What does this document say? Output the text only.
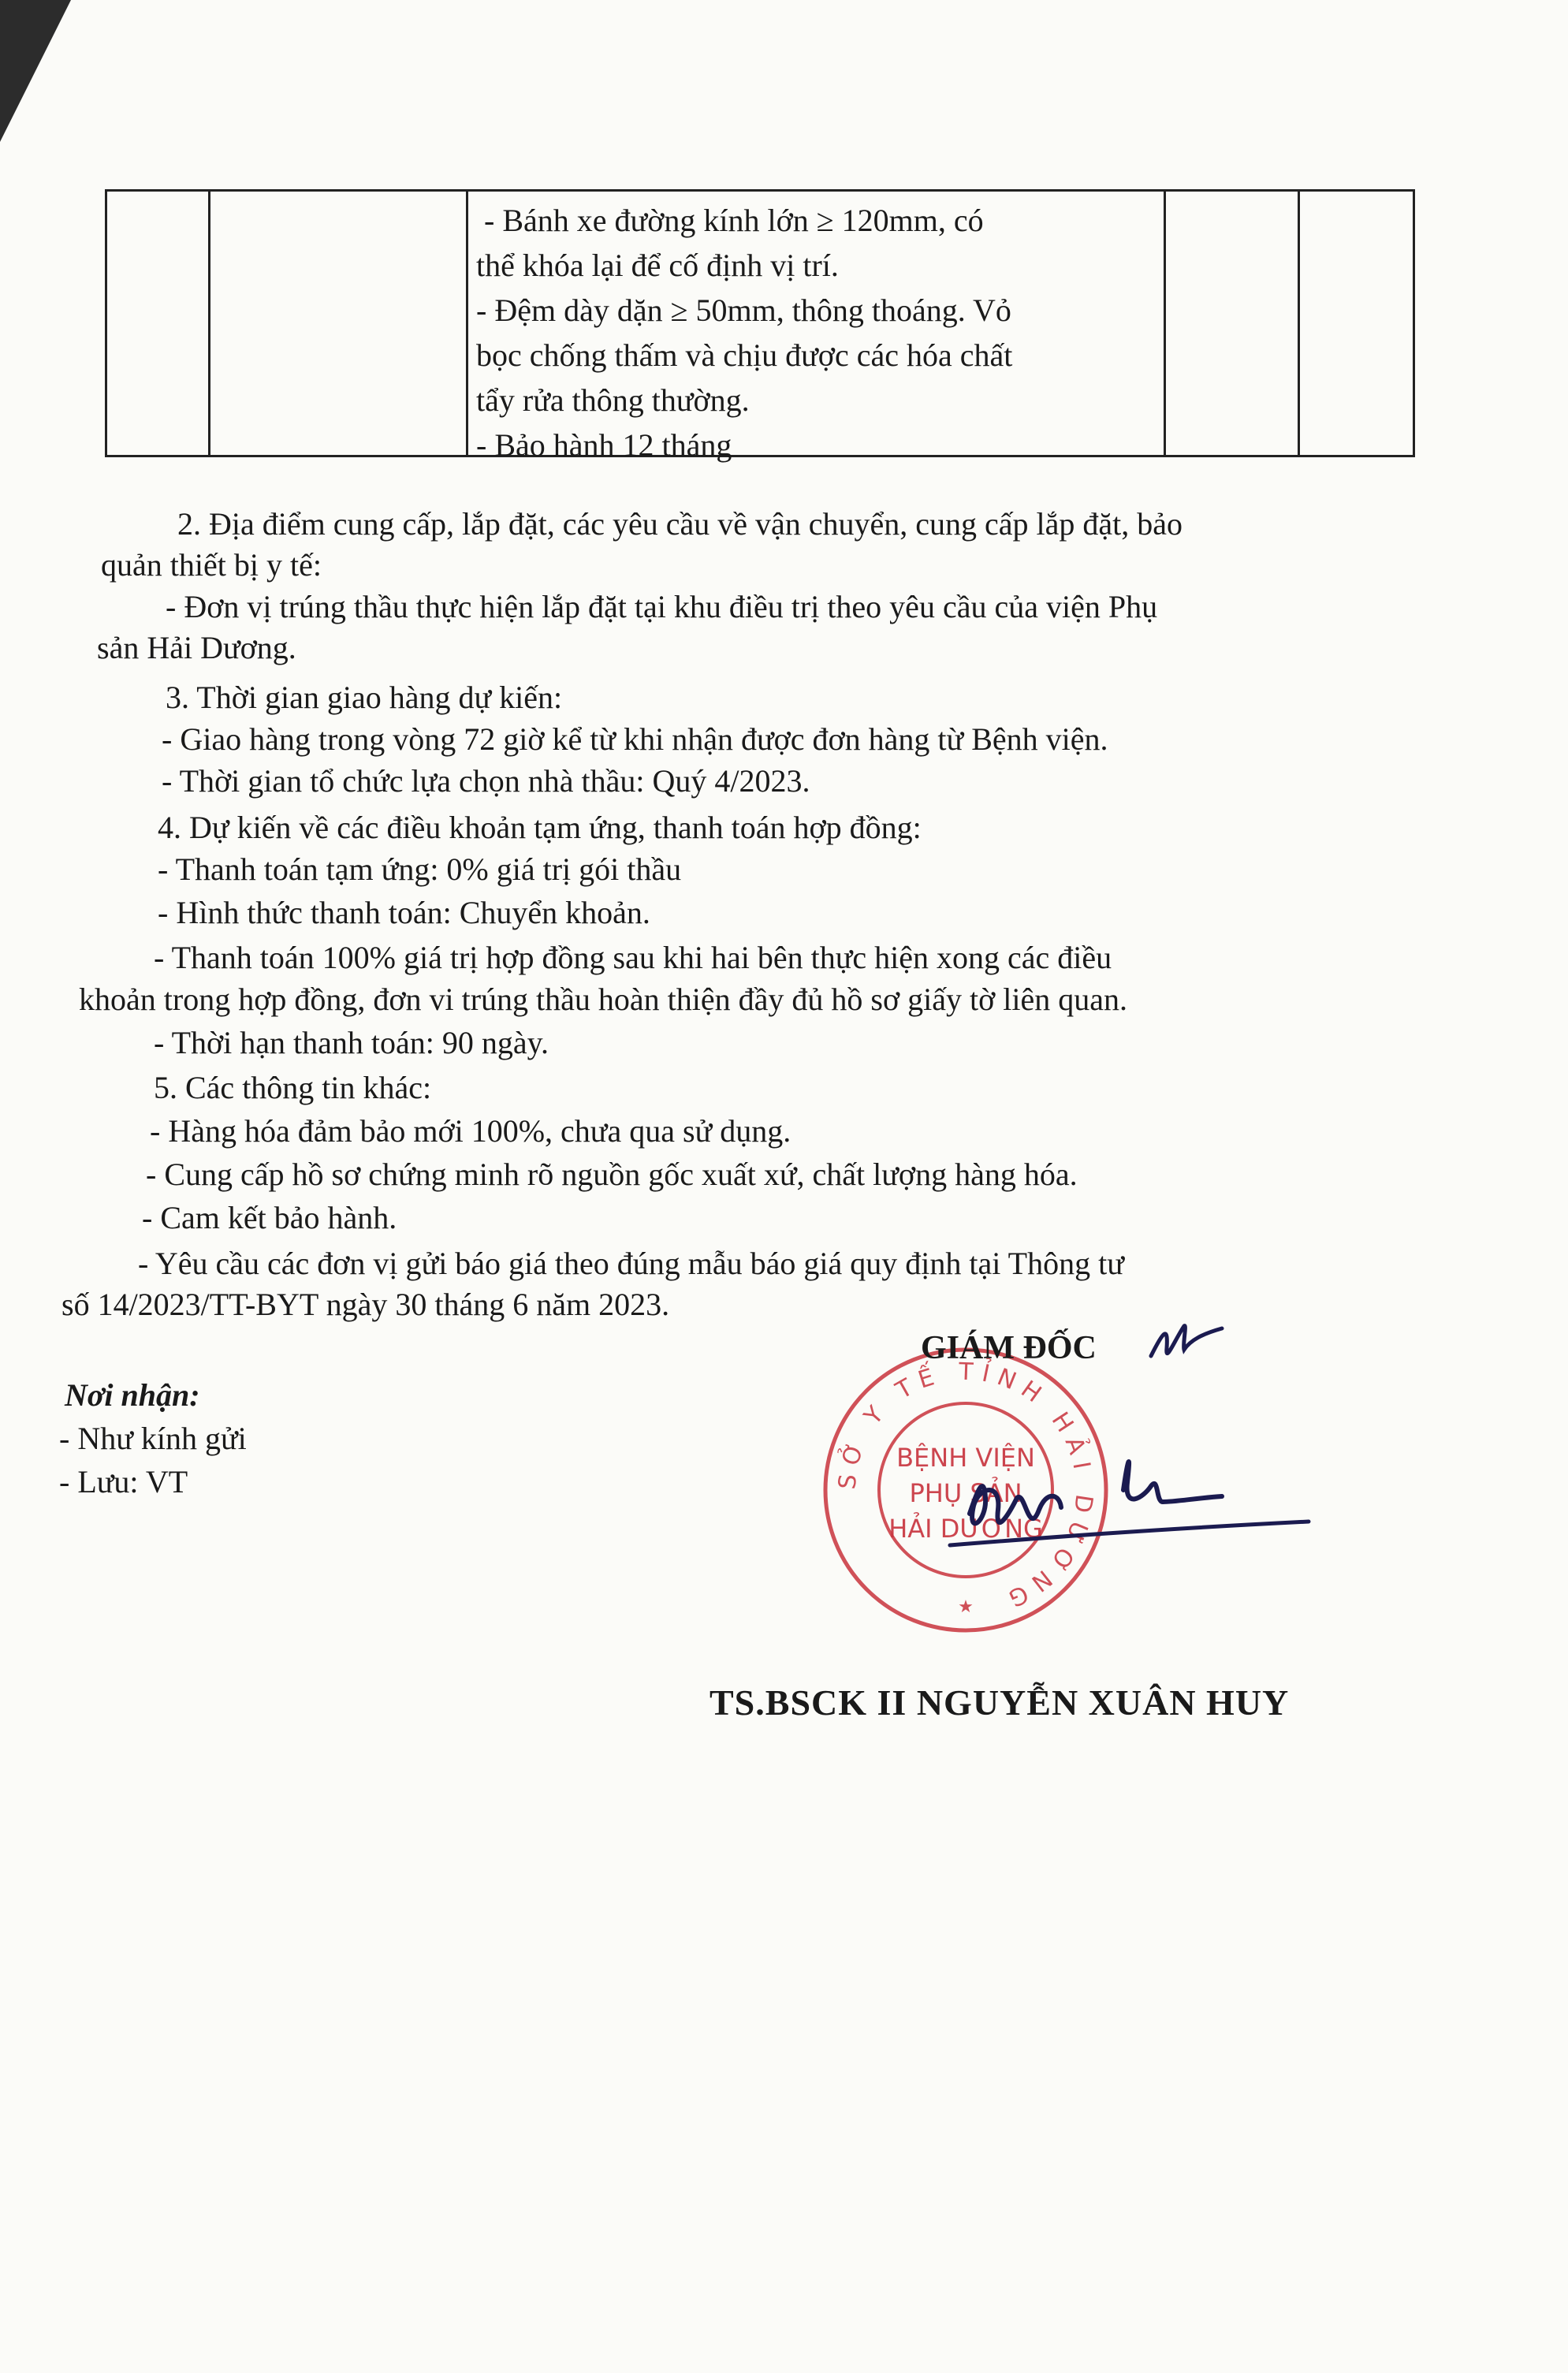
- Bánh xe đường kính lớn ≥ 120mm, có
thể khóa lại để cố định vị trí.
- Đệm dày dặn ≥ 50mm, thông thoáng. Vỏ
bọc chống thấm và chịu được các hóa chất
tẩy rửa thông thường.
- Bảo hành 12 tháng
2. Địa điểm cung cấp, lắp đặt, các yêu cầu về vận chuyển, cung cấp lắp đặt, bảo
quản thiết bị y tế:
- Đơn vị trúng thầu thực hiện lắp đặt tại khu điều trị theo yêu cầu của viện Phụ
sản Hải Dương.
3. Thời gian giao hàng dự kiến:
- Giao hàng trong vòng 72 giờ kể từ khi nhận được đơn hàng từ Bệnh viện.
- Thời gian tổ chức lựa chọn nhà thầu: Quý 4/2023.
4. Dự kiến về các điều khoản tạm ứng, thanh toán hợp đồng:
- Thanh toán tạm ứng: 0% giá trị gói thầu
- Hình thức thanh toán: Chuyển khoản.
- Thanh toán 100% giá trị hợp đồng sau khi hai bên thực hiện xong các điều
khoản trong hợp đồng, đơn vi trúng thầu hoàn thiện đầy đủ hồ sơ giấy tờ liên quan.
- Thời hạn thanh toán: 90 ngày.
5. Các thông tin khác:
- Hàng hóa đảm bảo mới 100%, chưa qua sử dụng.
- Cung cấp hồ sơ chứng minh rõ nguồn gốc xuất xứ, chất lượng hàng hóa.
- Cam kết bảo hành.
- Yêu cầu các đơn vị gửi báo giá theo đúng mẫu báo giá quy định tại Thông tư
số 14/2023/TT-BYT ngày 30 tháng 6 năm 2023.
Nơi nhận:
- Như kính gửi
- Lưu: VT	SỞ Y TẾ TỈNH HẢI DƯƠNG
BỆNH VIỆN
PHỤ SẢN
HẢI DƯƠNG
★
GIÁM ĐỐC
TS.BSCK II NGUYỄN XUÂN HUY
